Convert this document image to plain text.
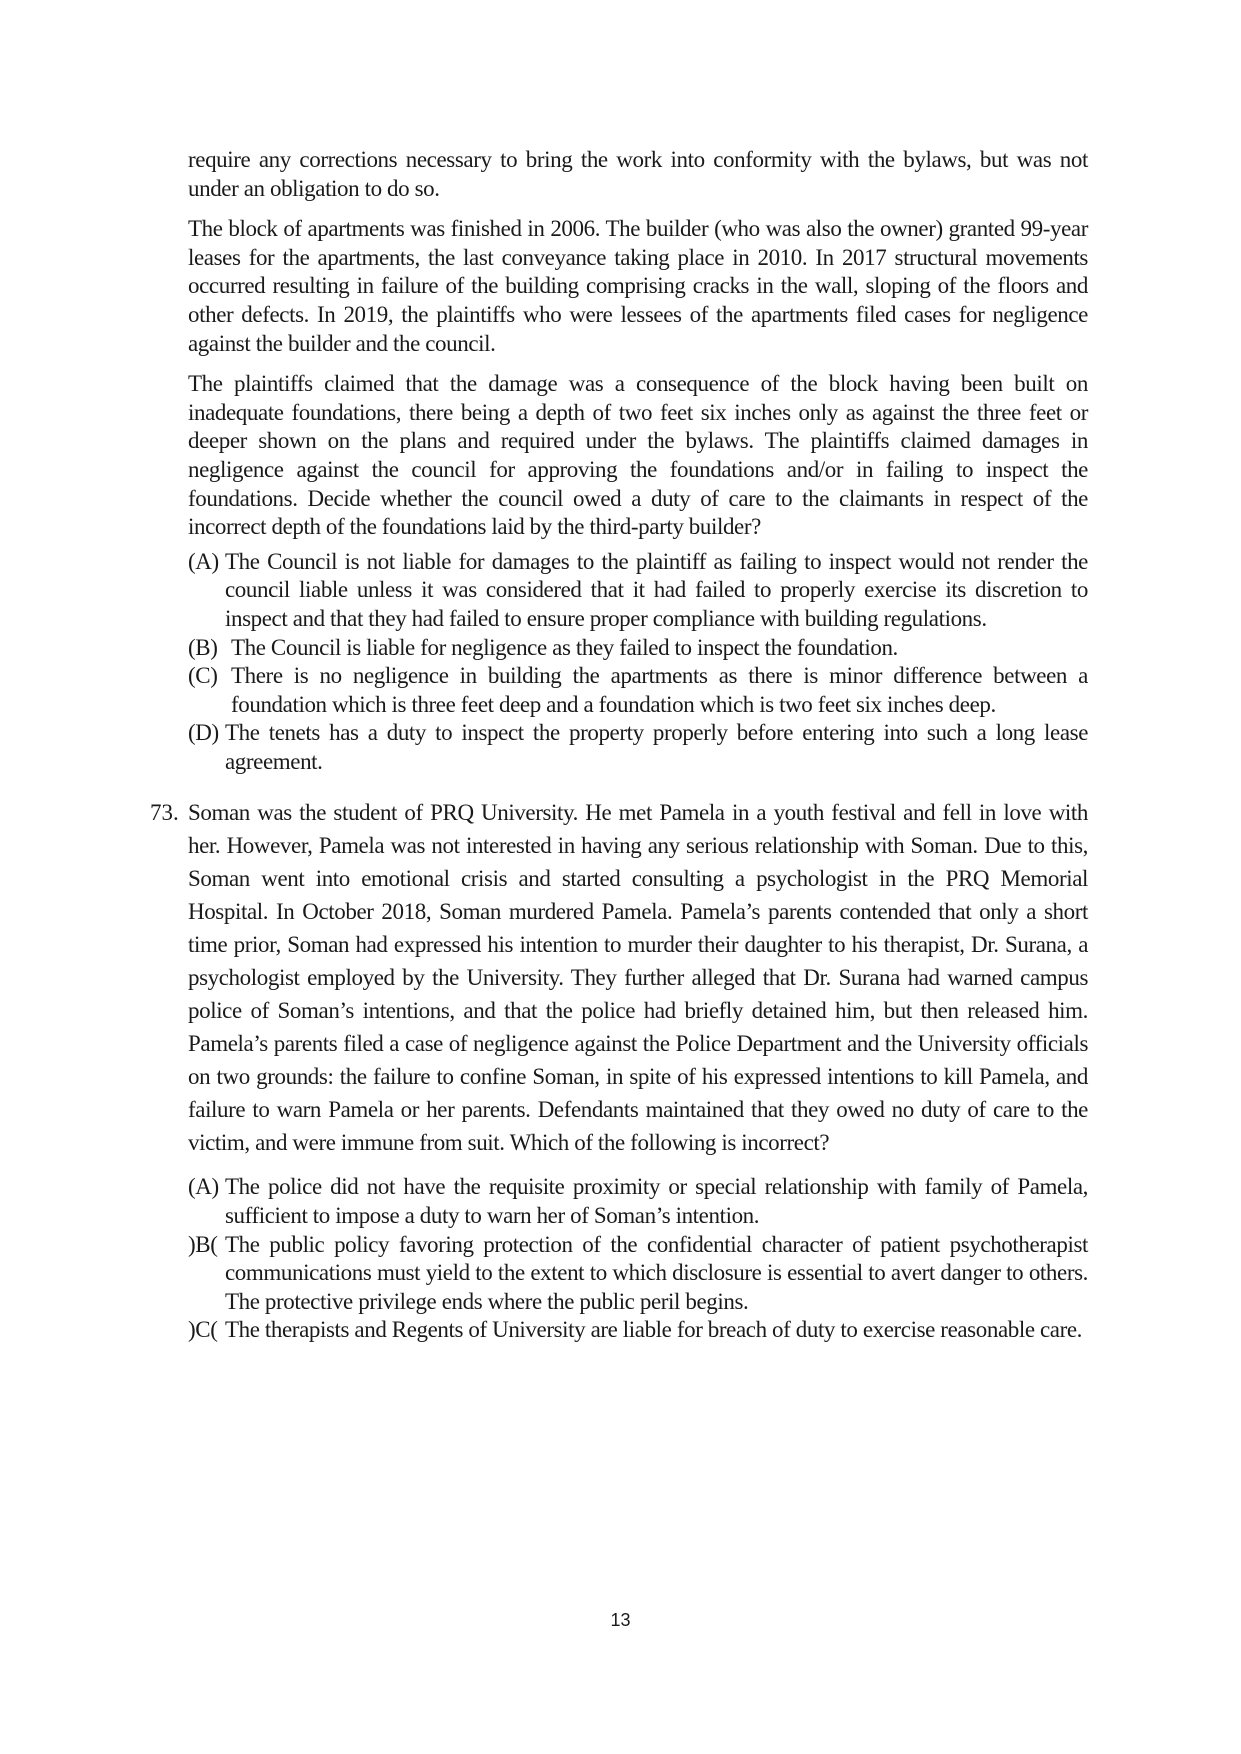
require any corrections necessary to bring the work into conformity with the bylaws, but was not under an obligation to do so.

The block of apartments was finished in 2006. The builder (who was also the owner) granted 99-year leases for the apartments, the last conveyance taking place in 2010. In 2017 structural movements occurred resulting in failure of the building comprising cracks in the wall, sloping of the floors and other defects. In 2019, the plaintiffs who were lessees of the apartments filed cases for negligence against the builder and the council.

The plaintiffs claimed that the damage was a consequence of the block having been built on inadequate foundations, there being a depth of two feet six inches only as against the three feet or deeper shown on the plans and required under the bylaws. The plaintiffs claimed damages in negligence against the council for approving the foundations and/or in failing to inspect the foundations. Decide whether the council owed a duty of care to the claimants in respect of the incorrect depth of the foundations laid by the third-party builder?

(A) The Council is not liable for damages to the plaintiff as failing to inspect would not render the council liable unless it was considered that it had failed to properly exercise its discretion to inspect and that they had failed to ensure proper compliance with building regulations.
(B) The Council is liable for negligence as they failed to inspect the foundation.
(C) There is no negligence in building the apartments as there is minor difference between a foundation which is three feet deep and a foundation which is two feet six inches deep.
(D) The tenets has a duty to inspect the property properly before entering into such a long lease agreement.
73. Soman was the student of PRQ University. He met Pamela in a youth festival and fell in love with her. However, Pamela was not interested in having any serious relationship with Soman. Due to this, Soman went into emotional crisis and started consulting a psychologist in the PRQ Memorial Hospital. In October 2018, Soman murdered Pamela. Pamela’s parents contended that only a short time prior, Soman had expressed his intention to murder their daughter to his therapist, Dr. Surana, a psychologist employed by the University. They further alleged that Dr. Surana had warned campus police of Soman’s intentions, and that the police had briefly detained him, but then released him. Pamela’s parents filed a case of negligence against the Police Department and the University officials on two grounds: the failure to confine Soman, in spite of his expressed intentions to kill Pamela, and failure to warn Pamela or her parents. Defendants maintained that they owed no duty of care to the victim, and were immune from suit. Which of the following is incorrect?

(A) The police did not have the requisite proximity or special relationship with family of Pamela, sufficient to impose a duty to warn her of Soman’s intention.
)B( The public policy favoring protection of the confidential character of patient psychotherapist communications must yield to the extent to which disclosure is essential to avert danger to others. The protective privilege ends where the public peril begins.
)C( The therapists and Regents of University are liable for breach of duty to exercise reasonable care.
13
